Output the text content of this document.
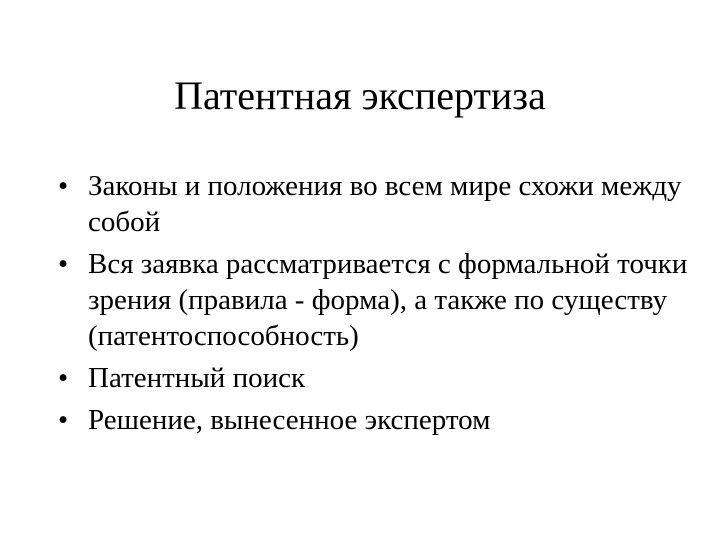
Патентная экспертиза
• Законы и положения во всем мире схожи между собой
• Вся заявка рассматривается с формальной точки зрения (правила - форма), а также по существу (патентоспособность)
• Патентный поиск
• Решение, вынесенное экспертом
